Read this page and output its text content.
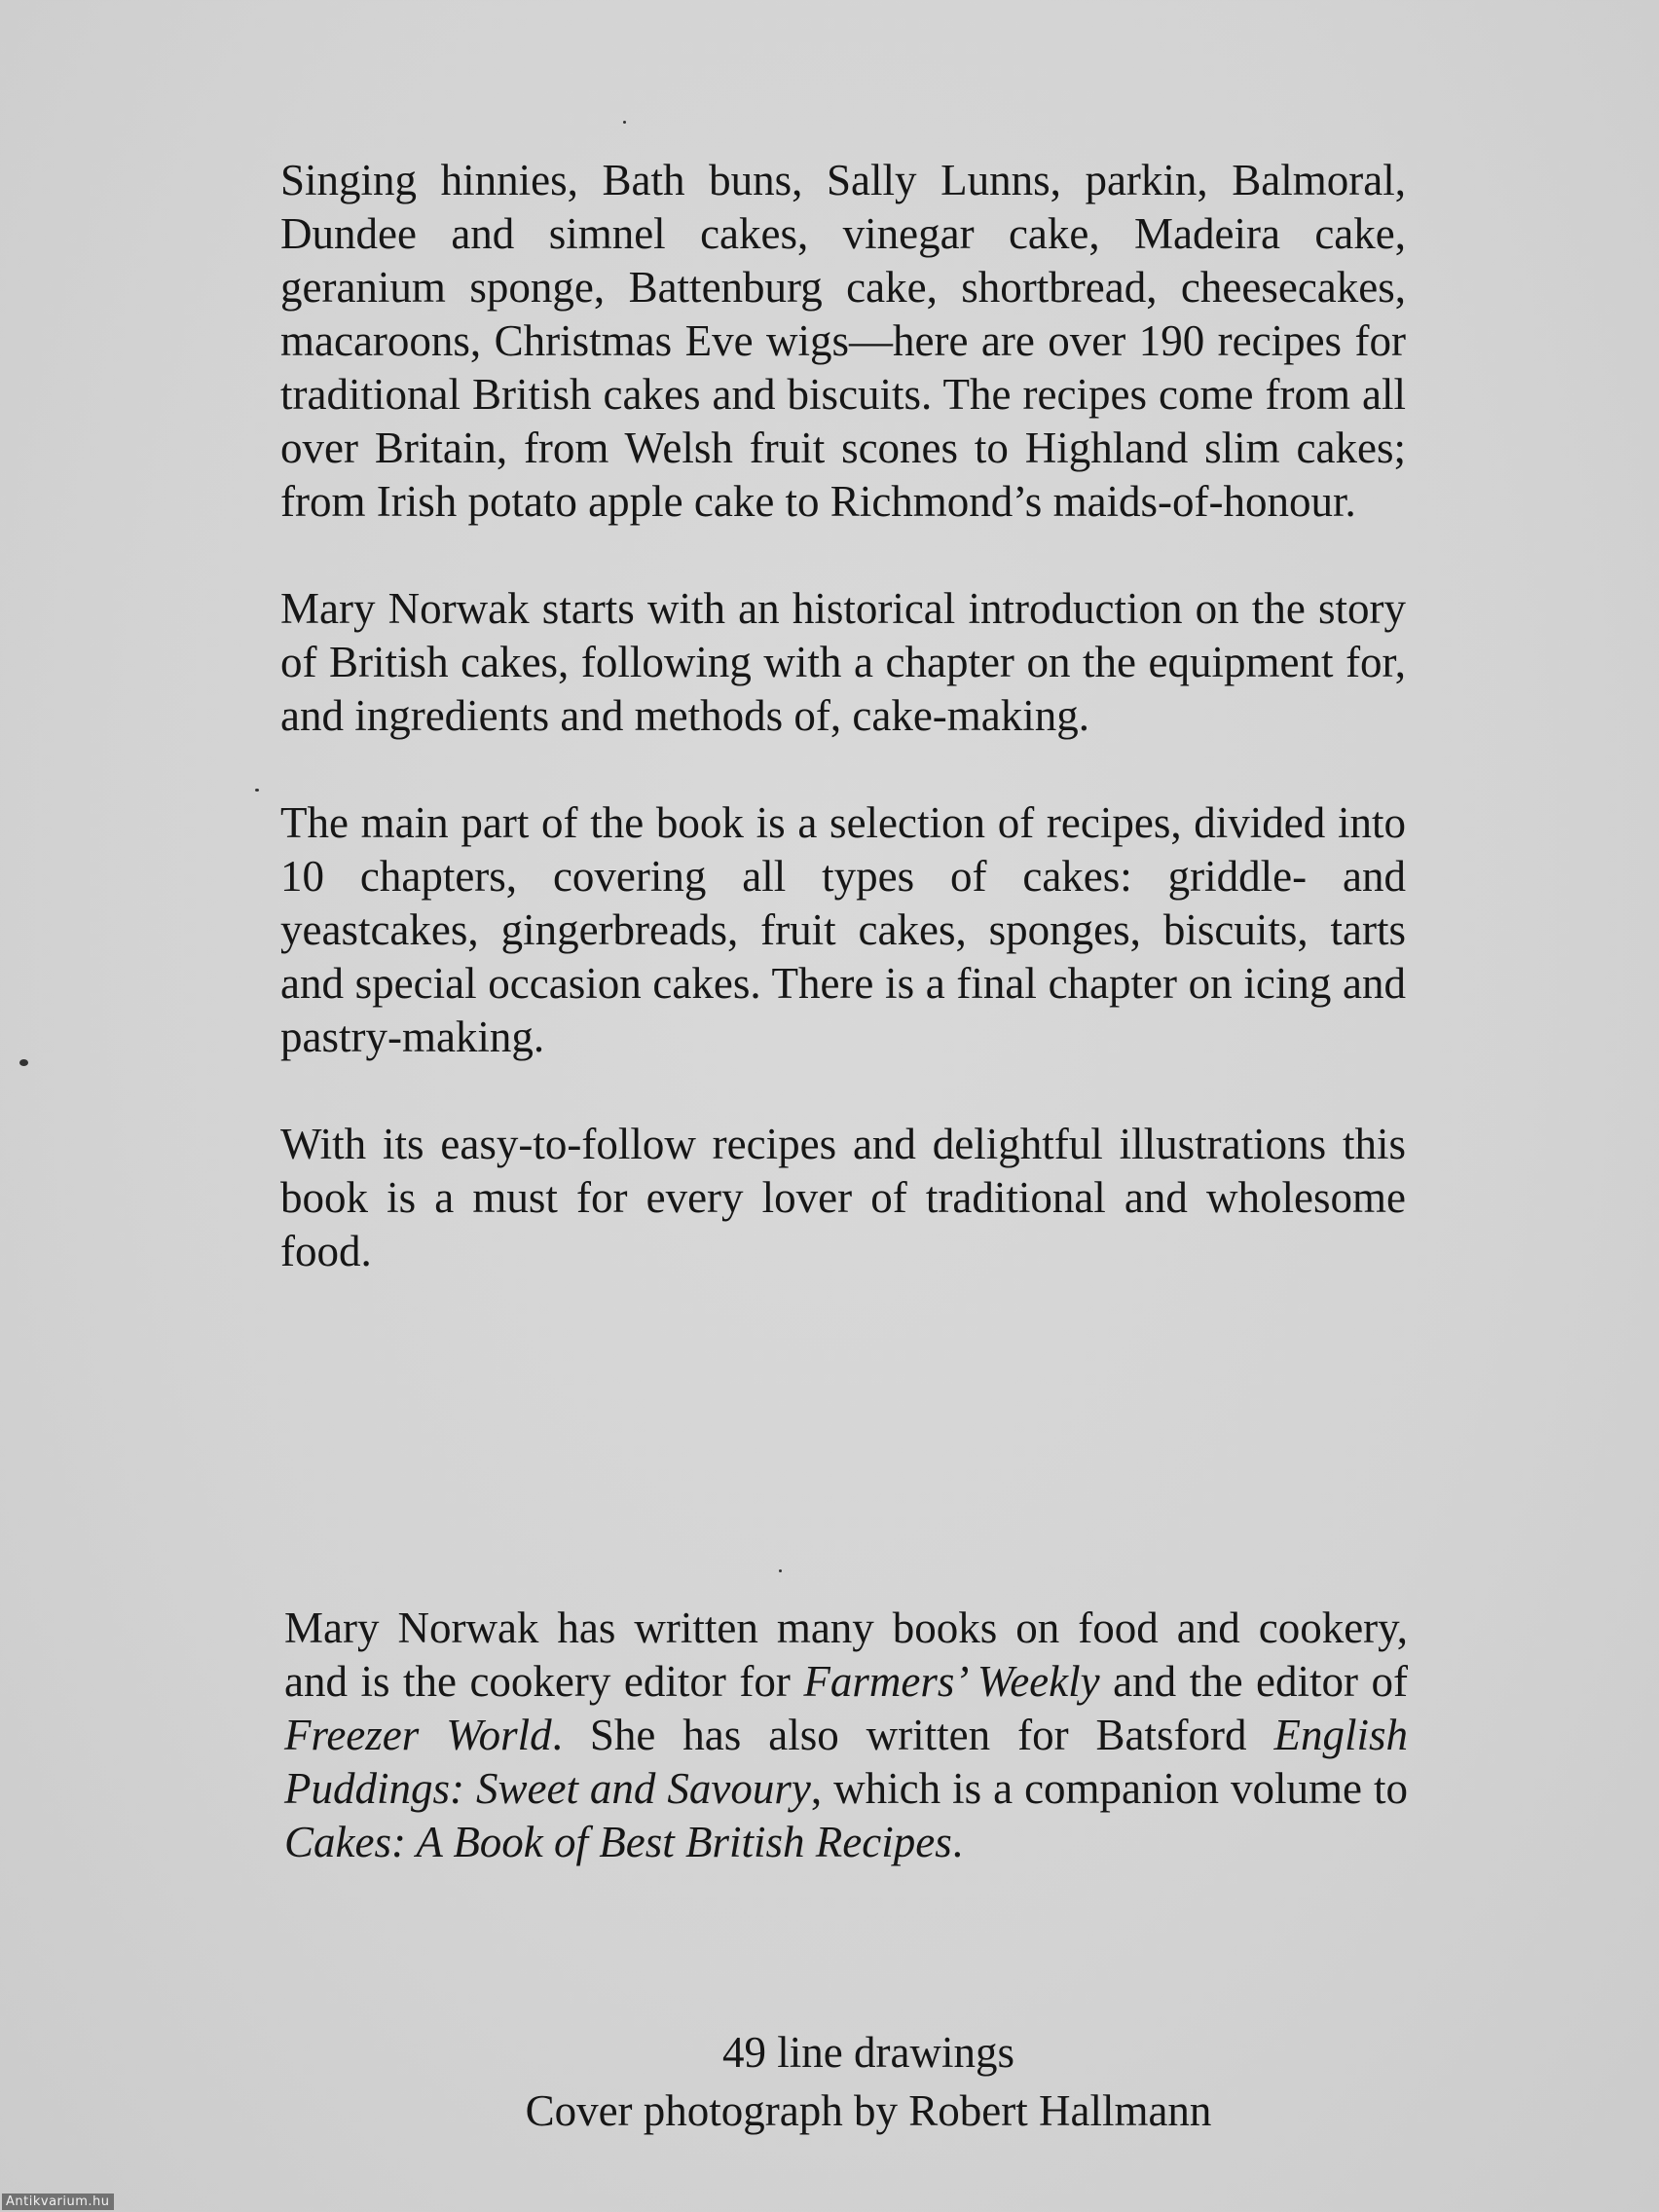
Singing hinnies, Bath buns, Sally Lunns, parkin, Balmoral, Dundee and simnel cakes, vinegar cake, Madeira cake, geranium sponge, Battenburg cake, shortbread, cheesecakes, macaroons, Christmas Eve wigs—here are over 190 recipes for traditional British cakes and biscuits. The recipes come from all over Britain, from Welsh fruit scones to Highland slim cakes; from Irish potato apple cake to Richmond’s maids-of-honour.

Mary Norwak starts with an historical introduction on the story of British cakes, following with a chapter on the equipment for, and ingredients and methods of, cake-making.

The main part of the book is a selection of recipes, divided into 10 chapters, covering all types of cakes: griddle- and yeastcakes, gingerbreads, fruit cakes, sponges, biscuits, tarts and special occasion cakes. There is a final chapter on icing and pastry-making.

With its easy-to-follow recipes and delightful illustrations this book is a must for every lover of traditional and wholesome food.

Mary Norwak has written many books on food and cookery, and is the cookery editor for Farmers’ Weekly and the editor of Freezer World. She has also written for Batsford English Puddings: Sweet and Savoury, which is a companion volume to Cakes: A Book of Best British Recipes.

49 line drawings
Cover photograph by Robert Hallmann
Antikvarium.hu
